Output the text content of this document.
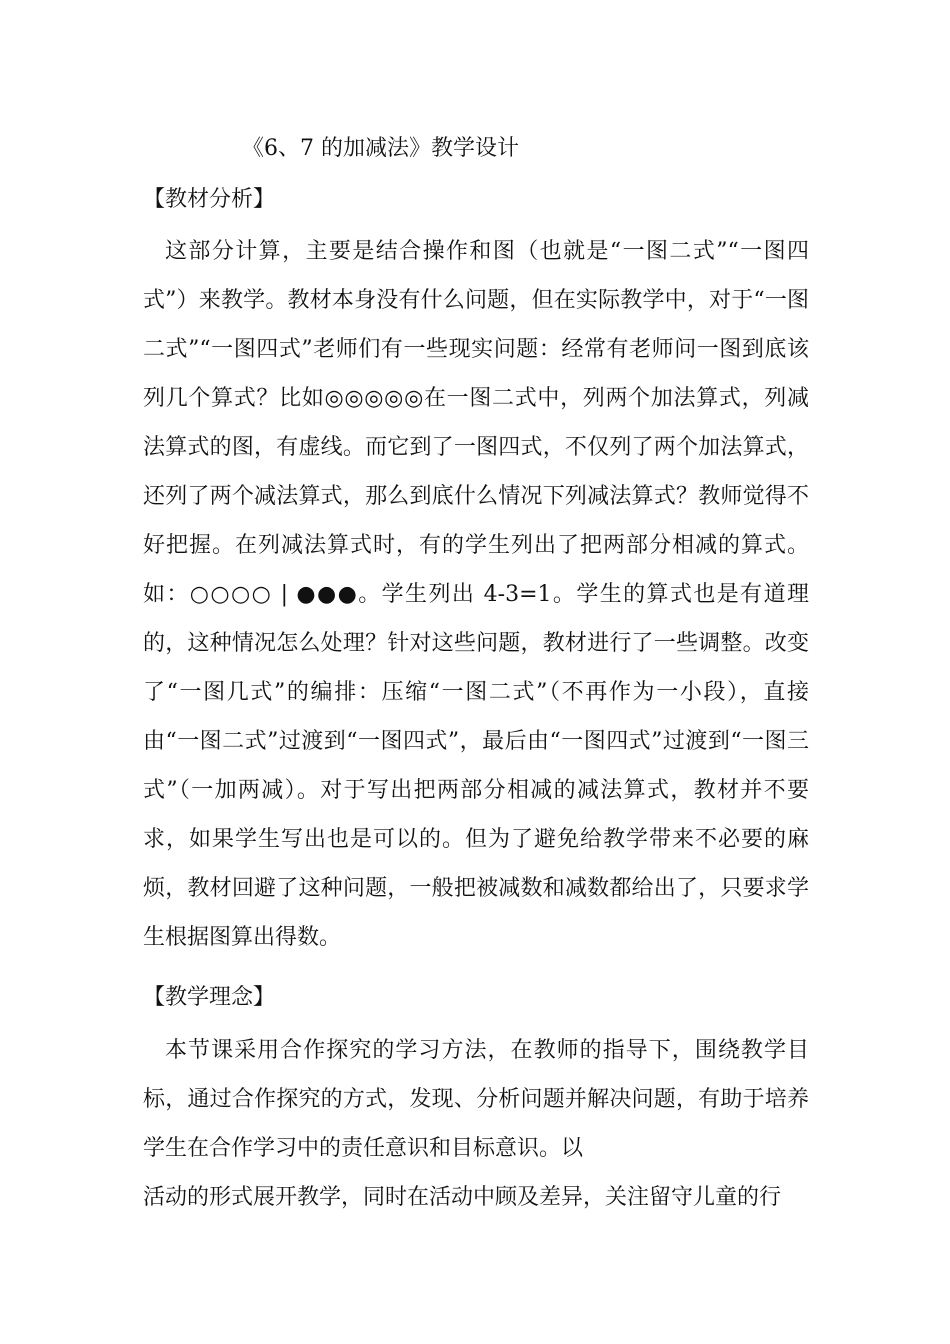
《6、7 的加减法》教学设计
【教材分析】

这部分计算，主要是结合操作和图（也就是“一图二式”“一图四式”）来教学。教材本身没有什么问题，但在实际教学中，对于“一图二式”“一图四式”老师们有一些现实问题：经常有老师问一图到底该列几个算式？比如◎◎◎◎◎在一图二式中，列两个加法算式，列减法算式的图，有虚线。而它到了一图四式，不仅列了两个加法算式，还列了两个减法算式，那么到底什么情况下列减法算式？教师觉得不好把握。在列减法算式时，有的学生列出了把两部分相减的算式。如：○○○○ | ●●●。学生列出 4-3=1。学生的算式也是有道理的，这种情况怎么处理？针对这些问题，教材进行了一些调整。改变了“一图几式”的编排：压缩“一图二式”（不再作为一小段），直接由“一图二式”过渡到“一图四式”，最后由“一图四式”过渡到“一图三式”（一加两减）。对于写出把两部分相减的减法算式，教材并不要求，如果学生写出也是可以的。但为了避免给教学带来不必要的麻烦，教材回避了这种问题，一般把被减数和减数都给出了，只要求学生根据图算出得数。

【教学理念】

本节课采用合作探究的学习方法，在教师的指导下，围绕教学目标，通过合作探究的方式，发现、分析问题并解决问题，有助于培养学生在合作学习中的责任意识和目标意识。以

活动的形式展开教学，同时在活动中顾及差异，关注留守儿童的行
